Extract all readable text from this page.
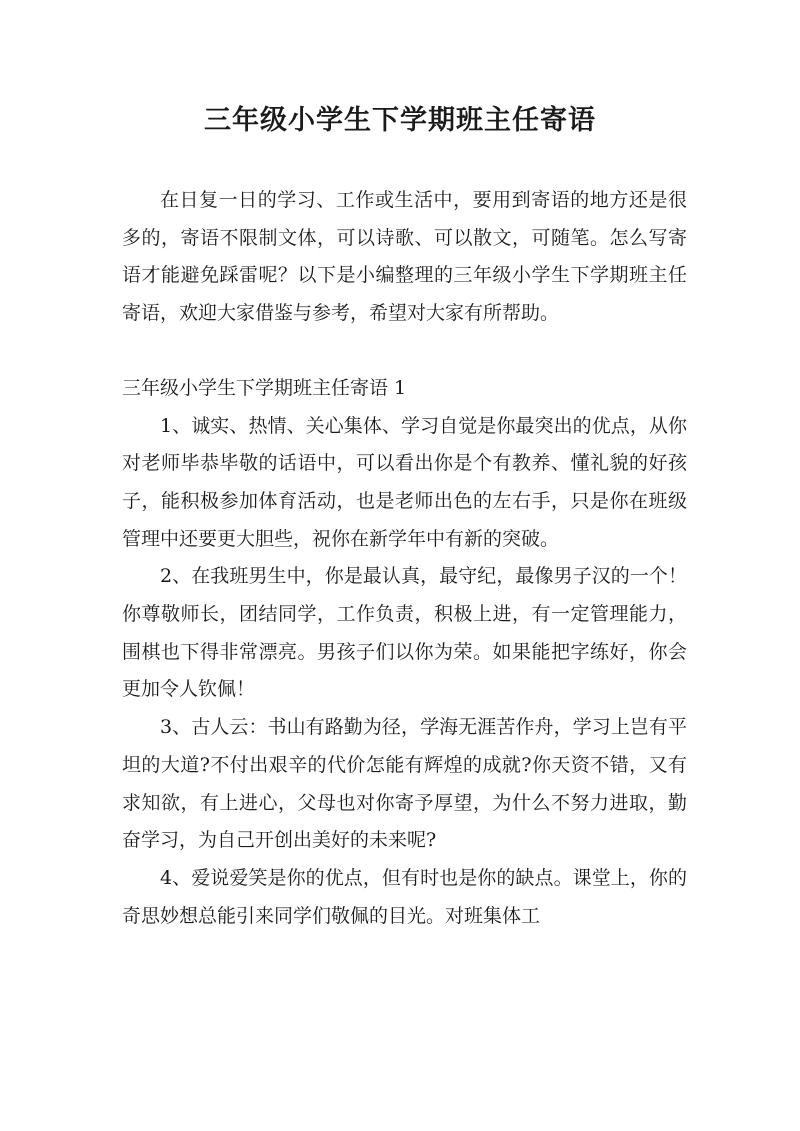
三年级小学生下学期班主任寄语

在日复一日的学习、工作或生活中，要用到寄语的地方还是很多的，寄语不限制文体，可以诗歌、可以散文，可随笔。怎么写寄语才能避免踩雷呢？以下是小编整理的三年级小学生下学期班主任寄语，欢迎大家借鉴与参考，希望对大家有所帮助。

三年级小学生下学期班主任寄语 1

1、诚实、热情、关心集体、学习自觉是你最突出的优点，从你对老师毕恭毕敬的话语中，可以看出你是个有教养、懂礼貌的好孩子，能积极参加体育活动，也是老师出色的左右手，只是你在班级管理中还要更大胆些，祝你在新学年中有新的突破。

2、在我班男生中，你是最认真，最守纪，最像男子汉的一个！你尊敬师长，团结同学，工作负责，积极上进，有一定管理能力，围棋也下得非常漂亮。男孩子们以你为荣。如果能把字练好，你会更加令人钦佩！

3、古人云：书山有路勤为径，学海无涯苦作舟，学习上岂有平坦的大道?不付出艰辛的代价怎能有辉煌的成就?你天资不错，又有求知欲，有上进心，父母也对你寄予厚望，为什么不努力进取，勤奋学习，为自己开创出美好的未来呢?

4、爱说爱笑是你的优点，但有时也是你的缺点。课堂上，你的奇思妙想总能引来同学们敬佩的目光。对班集体工
